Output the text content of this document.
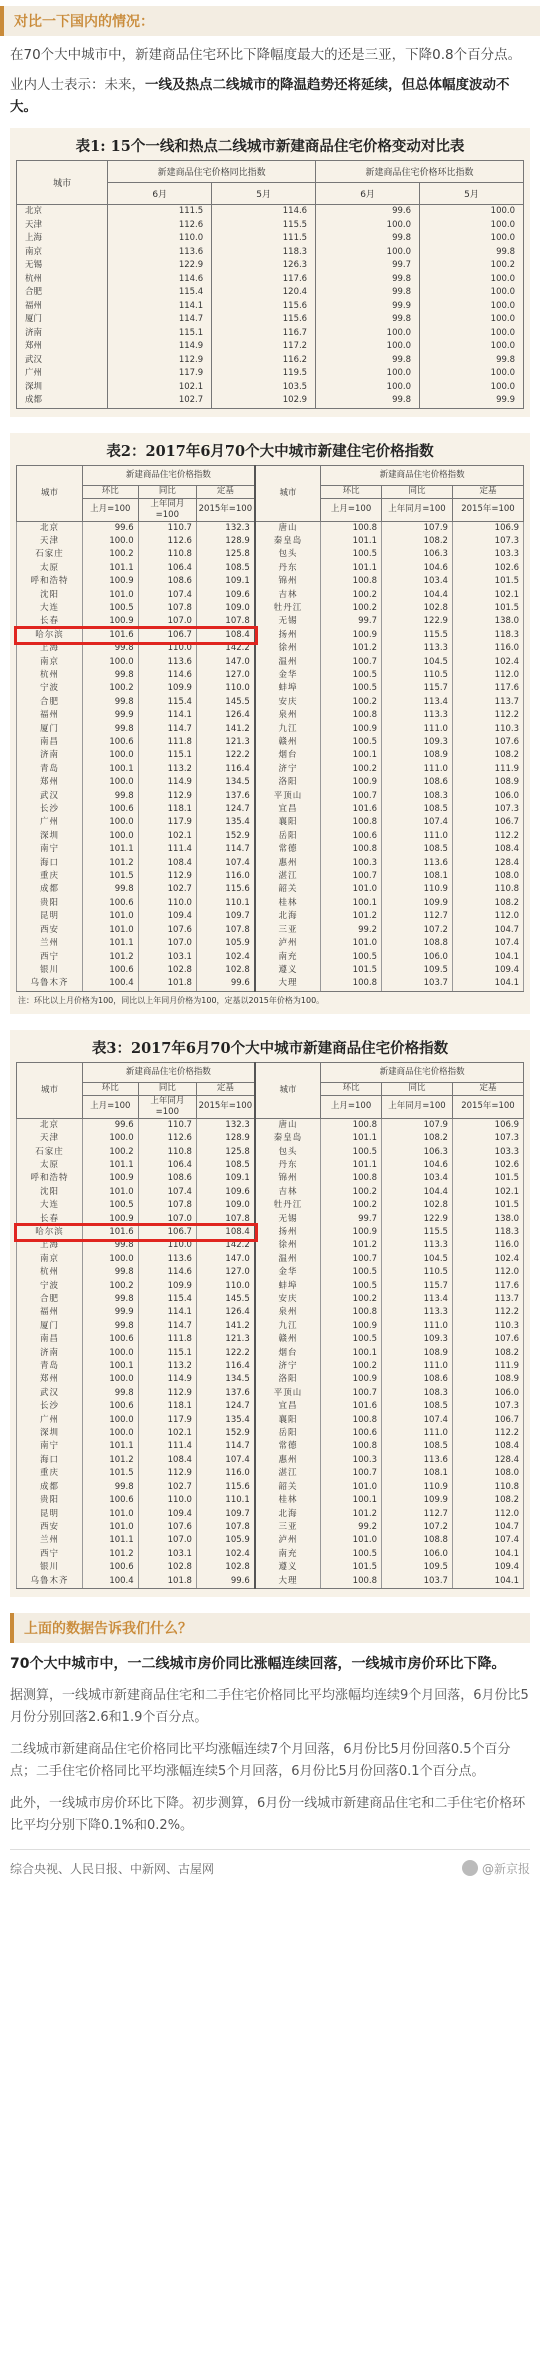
对比一下国内的情况：

在70个大中城市中，新建商品住宅环比下降幅度最大的还是三亚，下降0.8个百分点。

业内人士表示：未来，一线及热点二线城市的降温趋势还将延续，但总体幅度波动不大。

表1: 15个一线和热点二线城市新建商品住宅价格变动对比表
城市	新建商品住宅价格同比指数		新建商品住宅价格环比指数	
	6月	5月	6月	5月
北京	111.5	114.6	99.6	100.0
天津	112.6	115.5	100.0	100.0
上海	110.0	111.5	99.8	100.0
南京	113.6	118.3	100.0	99.8
无锡	122.9	126.3	99.7	100.2
杭州	114.6	117.6	99.8	100.0
合肥	115.4	120.4	99.8	100.0
福州	114.1	115.6	99.9	100.0
厦门	114.7	115.6	99.8	100.0
济南	115.1	116.7	100.0	100.0
郑州	114.9	117.2	100.0	100.0
武汉	112.9	116.2	99.8	99.8
广州	117.9	119.5	100.0	100.0
深圳	102.1	103.5	100.0	100.0
成都	102.7	102.9	99.8	99.9
表2：2017年6月70个大中城市新建住宅价格指数
城市	新建商品住宅价格指数			城市	新建商品住宅价格指数		
	环比	同比	定基		环比	同比	定基
	上月=100	上年同月=100	2015年=100		上月=100	上年同月=100	2015年=100
北京	99.6	110.7	132.3	唐山	100.8	107.9	106.9
天津	100.0	112.6	128.9	秦皇岛	101.1	108.2	107.3
石家庄	100.2	110.8	125.8	包头	100.5	106.3	103.3
太原	101.1	106.4	108.5	丹东	101.1	104.6	102.6
呼和浩特	100.9	108.6	109.1	锦州	100.8	103.4	101.5
沈阳	101.0	107.4	109.6	吉林	100.2	104.4	102.1
大连	100.5	107.8	109.0	牡丹江	100.2	102.8	101.5
长春	100.9	107.0	107.8	无锡	99.7	122.9	138.0
哈尔滨	101.6	106.7	108.4	扬州	100.9	115.5	118.3
上海	99.8	110.0	142.2	徐州	101.2	113.3	116.0
南京	100.0	113.6	147.0	温州	100.7	104.5	102.4
杭州	99.8	114.6	127.0	金华	100.5	110.5	112.0
宁波	100.2	109.9	110.0	蚌埠	100.5	115.7	117.6
合肥	99.8	115.4	145.5	安庆	100.2	113.4	113.7
福州	99.9	114.1	126.4	泉州	100.8	113.3	112.2
厦门	99.8	114.7	141.2	九江	100.9	111.0	110.3
南昌	100.6	111.8	121.3	赣州	100.5	109.3	107.6
济南	100.0	115.1	122.2	烟台	100.1	108.9	108.2
青岛	100.1	113.2	116.4	济宁	100.2	111.0	111.9
郑州	100.0	114.9	134.5	洛阳	100.9	108.6	108.9
武汉	99.8	112.9	137.6	平顶山	100.7	108.3	106.0
长沙	100.6	118.1	124.7	宜昌	101.6	108.5	107.3
广州	100.0	117.9	135.4	襄阳	100.8	107.4	106.7
深圳	100.0	102.1	152.9	岳阳	100.6	111.0	112.2
南宁	101.1	111.4	114.7	常德	100.8	108.5	108.4
海口	101.2	108.4	107.4	惠州	100.3	113.6	128.4
重庆	101.5	112.9	116.0	湛江	100.7	108.1	108.0
成都	99.8	102.7	115.6	韶关	101.0	110.9	110.8
贵阳	100.6	110.0	110.1	桂林	100.1	109.9	108.2
昆明	101.0	109.4	109.7	北海	101.2	112.7	112.0
西安	101.0	107.6	107.8	三亚	99.2	107.2	104.7
兰州	101.1	107.0	105.9	泸州	101.0	108.8	107.4
西宁	101.2	103.1	102.4	南充	100.5	106.0	104.1
银川	100.6	102.8	102.8	遵义	101.5	109.5	109.4
乌鲁木齐	100.4	101.8	99.6	大理	100.8	103.7	104.1
注：环比以上月价格为100，同比以上年同月价格为100，定基以2015年价格为100。
表3：2017年6月70个大中城市新建商品住宅价格指数
城市	新建商品住宅价格指数			城市	新建商品住宅价格指数		
	环比	同比	定基		环比	同比	定基
	上月=100	上年同月=100	2015年=100		上月=100	上年同月=100	2015年=100
北京	99.6	110.7	132.3	唐山	100.8	107.9	106.9
天津	100.0	112.6	128.9	秦皇岛	101.1	108.2	107.3
石家庄	100.2	110.8	125.8	包头	100.5	106.3	103.3
太原	101.1	106.4	108.5	丹东	101.1	104.6	102.6
呼和浩特	100.9	108.6	109.1	锦州	100.8	103.4	101.5
沈阳	101.0	107.4	109.6	吉林	100.2	104.4	102.1
大连	100.5	107.8	109.0	牡丹江	100.2	102.8	101.5
长春	100.9	107.0	107.8	无锡	99.7	122.9	138.0
哈尔滨	101.6	106.7	108.4	扬州	100.9	115.5	118.3
上海	99.8	110.0	142.2	徐州	101.2	113.3	116.0
南京	100.0	113.6	147.0	温州	100.7	104.5	102.4
杭州	99.8	114.6	127.0	金华	100.5	110.5	112.0
宁波	100.2	109.9	110.0	蚌埠	100.5	115.7	117.6
合肥	99.8	115.4	145.5	安庆	100.2	113.4	113.7
福州	99.9	114.1	126.4	泉州	100.8	113.3	112.2
厦门	99.8	114.7	141.2	九江	100.9	111.0	110.3
南昌	100.6	111.8	121.3	赣州	100.5	109.3	107.6
济南	100.0	115.1	122.2	烟台	100.1	108.9	108.2
青岛	100.1	113.2	116.4	济宁	100.2	111.0	111.9
郑州	100.0	114.9	134.5	洛阳	100.9	108.6	108.9
武汉	99.8	112.9	137.6	平顶山	100.7	108.3	106.0
长沙	100.6	118.1	124.7	宜昌	101.6	108.5	107.3
广州	100.0	117.9	135.4	襄阳	100.8	107.4	106.7
深圳	100.0	102.1	152.9	岳阳	100.6	111.0	112.2
南宁	101.1	111.4	114.7	常德	100.8	108.5	108.4
海口	101.2	108.4	107.4	惠州	100.3	113.6	128.4
重庆	101.5	112.9	116.0	湛江	100.7	108.1	108.0
成都	99.8	102.7	115.6	韶关	101.0	110.9	110.8
贵阳	100.6	110.0	110.1	桂林	100.1	109.9	108.2
昆明	101.0	109.4	109.7	北海	101.2	112.7	112.0
西安	101.0	107.6	107.8	三亚	99.2	107.2	104.7
兰州	101.1	107.0	105.9	泸州	101.0	108.8	107.4
西宁	101.2	103.1	102.4	南充	100.5	106.0	104.1
银川	100.6	102.8	102.8	遵义	101.5	109.5	109.4
乌鲁木齐	100.4	101.8	99.6	大理	100.8	103.7	104.1
上面的数据告诉我们什么？

70个大中城市中，一二线城市房价同比涨幅连续回落，一线城市房价环比下降。

据测算，一线城市新建商品住宅和二手住宅价格同比平均涨幅均连续9个月回落，6月份比5月份分别回落2.6和1.9个百分点。

二线城市新建商品住宅价格同比平均涨幅连续7个月回落，6月份比5月份回落0.5个百分点；二手住宅价格同比平均涨幅连续5个月回落，6月份比5月份回落0.1个百分点。

此外，一线城市房价环比下降。初步测算，6月份一线城市新建商品住宅和二手住宅价格环比平均分别下降0.1%和0.2%。

综合央视、人民日报、中新网、古屋网	@新京报
